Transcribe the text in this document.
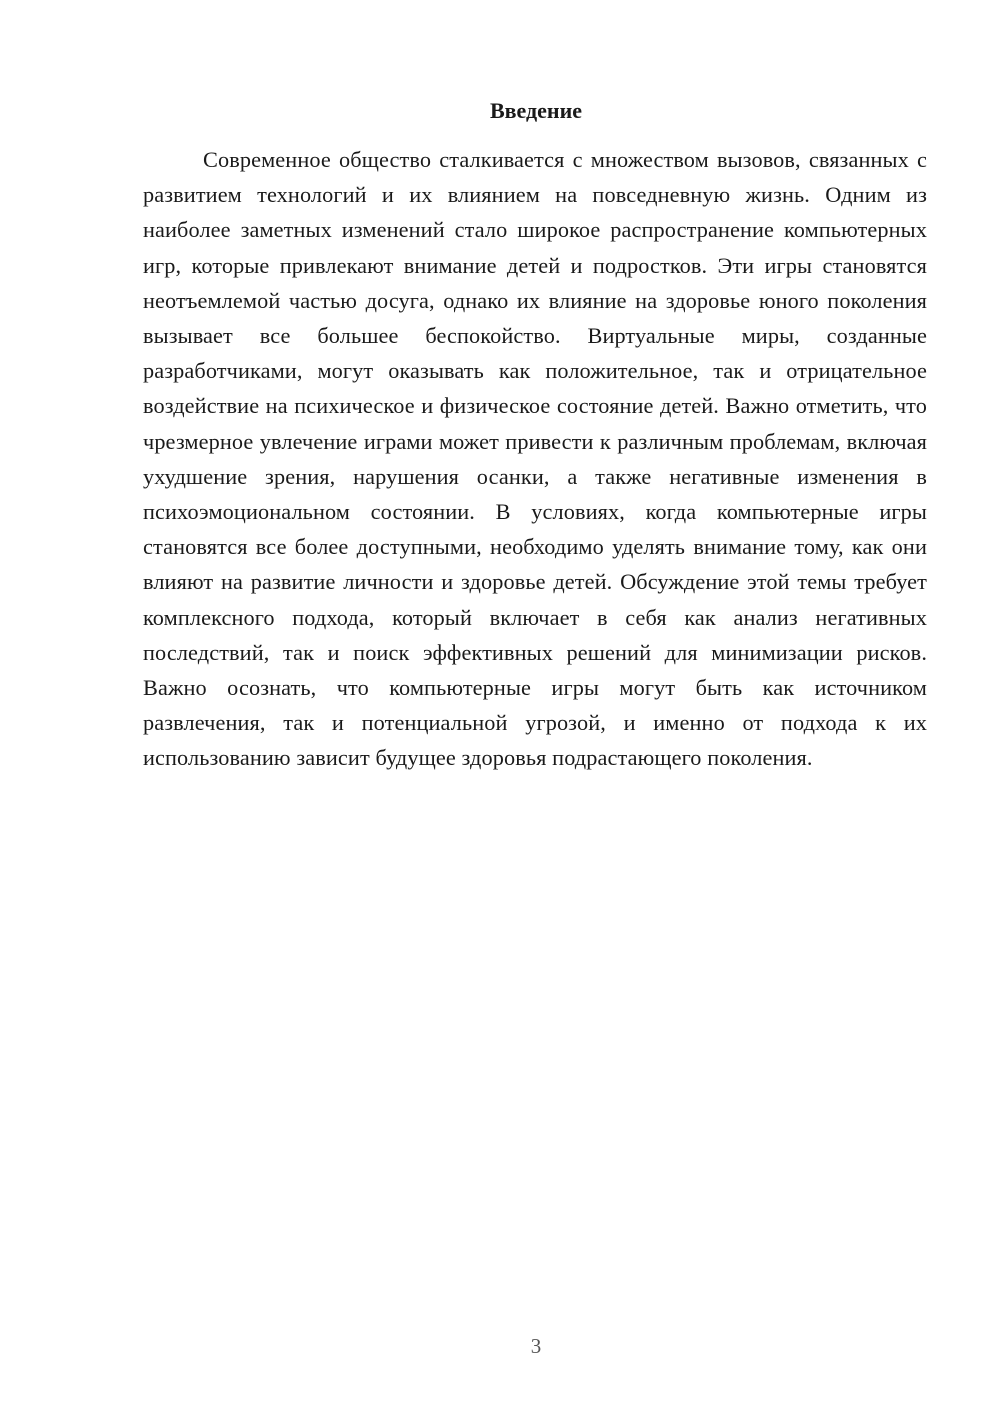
Введение

Современное общество сталкивается с множеством вызовов, связанных с развитием технологий и их влиянием на повседневную жизнь. Одним из наиболее заметных изменений стало широкое распространение компьютерных игр, которые привлекают внимание детей и подростков. Эти игры становятся неотъемлемой частью досуга, однако их влияние на здоровье юного поколения вызывает все большее беспокойство. Виртуальные миры, созданные разработчиками, могут оказывать как положительное, так и отрицательное воздействие на психическое и физическое состояние детей. Важно отметить, что чрезмерное увлечение играми может привести к различным проблемам, включая ухудшение зрения, нарушения осанки, а также негативные изменения в психоэмоциональном состоянии. В условиях, когда компьютерные игры становятся все более доступными, необходимо уделять внимание тому, как они влияют на развитие личности и здоровье детей. Обсуждение этой темы требует комплексного подхода, который включает в себя как анализ негативных последствий, так и поиск эффективных решений для минимизации рисков. Важно осознать, что компьютерные игры могут быть как источником развлечения, так и потенциальной угрозой, и именно от подхода к их использованию зависит будущее здоровья подрастающего поколения.

3
